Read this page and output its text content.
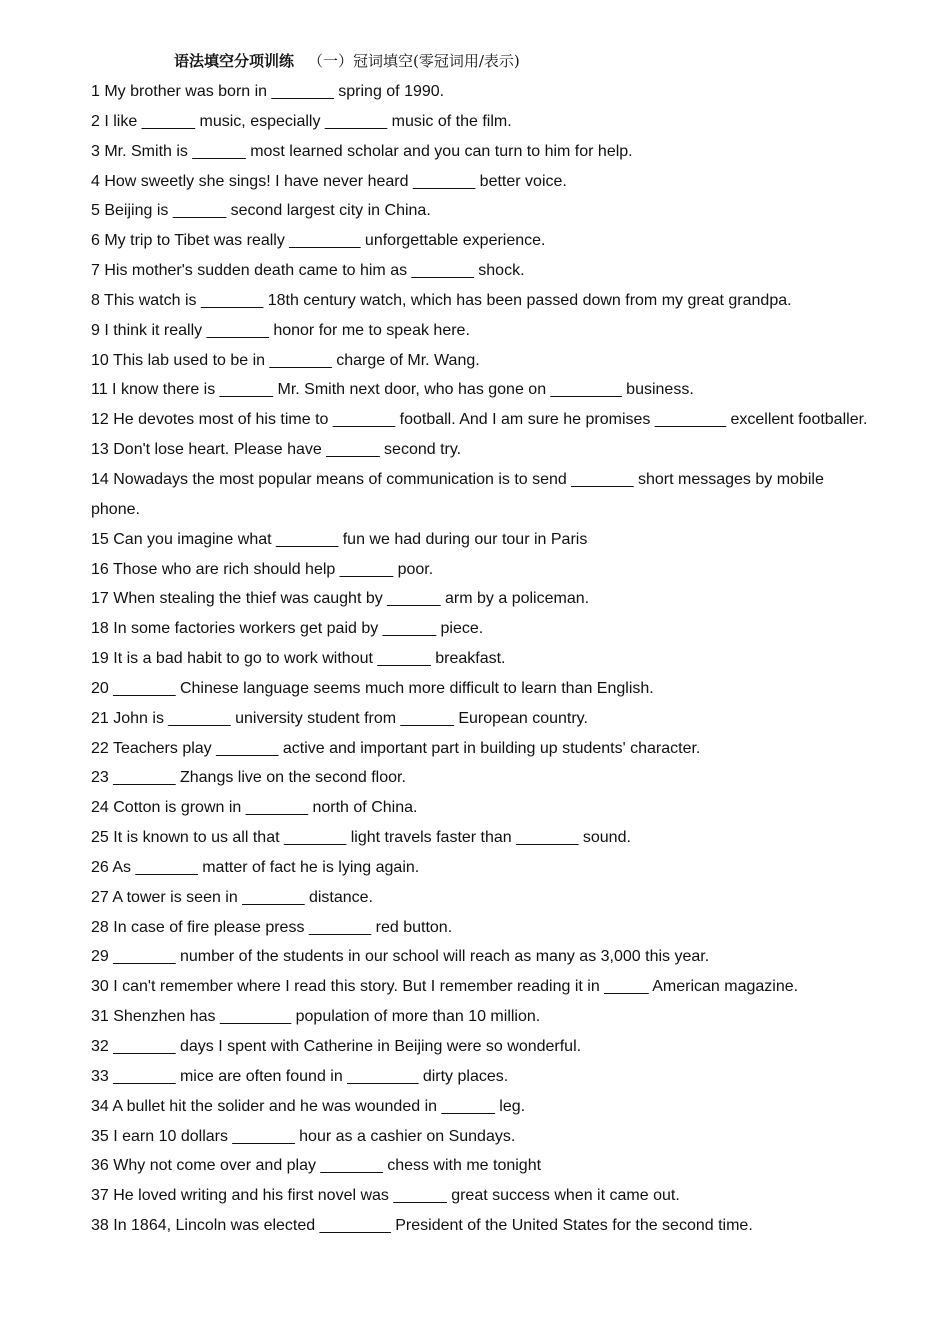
语法填空分项训练 （一）冠词填空(零冠词用/表示)

1 My brother was born in _______ spring of 1990.

2 I like ______ music, especially _______ music of the film.

3 Mr. Smith is ______ most learned scholar and you can turn to him for help.

4 How sweetly she sings! I have never heard _______ better voice.

5 Beijing is ______ second largest city in China.

6 My trip to Tibet was really ________ unforgettable experience.

7 His mother's sudden death came to him as _______ shock.

8 This watch is _______ 18th century watch, which has been passed down from my great grandpa.

9 I think it really _______ honor for me to speak here.

10 This lab used to be in _______ charge of Mr. Wang.

11 I know there is ______ Mr. Smith next door, who has gone on ________ business.

12 He devotes most of his time to _______ football. And I am sure he promises ________ excellent footballer.

13 Don't lose heart. Please have ______ second try.

14 Nowadays the most popular means of communication is to send _______ short messages by mobile phone.

15 Can you imagine what _______ fun we had during our tour in Paris

16 Those who are rich should help ______ poor.

17 When stealing the thief was caught by ______ arm by a policeman.

18 In some factories workers get paid by ______ piece.

19 It is a bad habit to go to work without ______ breakfast.

20 _______ Chinese language seems much more difficult to learn than English.

21 John is _______ university student from ______ European country.

22 Teachers play _______ active and important part in building up students' character.

23 _______ Zhangs live on the second floor.

24 Cotton is grown in _______ north of China.

25 It is known to us all that _______ light travels faster than _______ sound.

26 As _______ matter of fact he is lying again.

27 A tower is seen in _______ distance.

28 In case of fire please press _______ red button.

29 _______ number of the students in our school will reach as many as 3,000 this year.

30 I can't remember where I read this story. But I remember reading it in _____ American magazine.

31 Shenzhen has ________ population of more than 10 million.

32 _______ days I spent with Catherine in Beijing were so wonderful.

33 _______ mice are often found in ________ dirty places.

34 A bullet hit the solider and he was wounded in ______ leg.

35 I earn 10 dollars _______ hour as a cashier on Sundays.

36 Why not come over and play _______ chess with me tonight

37 He loved writing and his first novel was ______ great success when it came out.

38 In 1864, Lincoln was elected ________ President of the United States for the second time.
